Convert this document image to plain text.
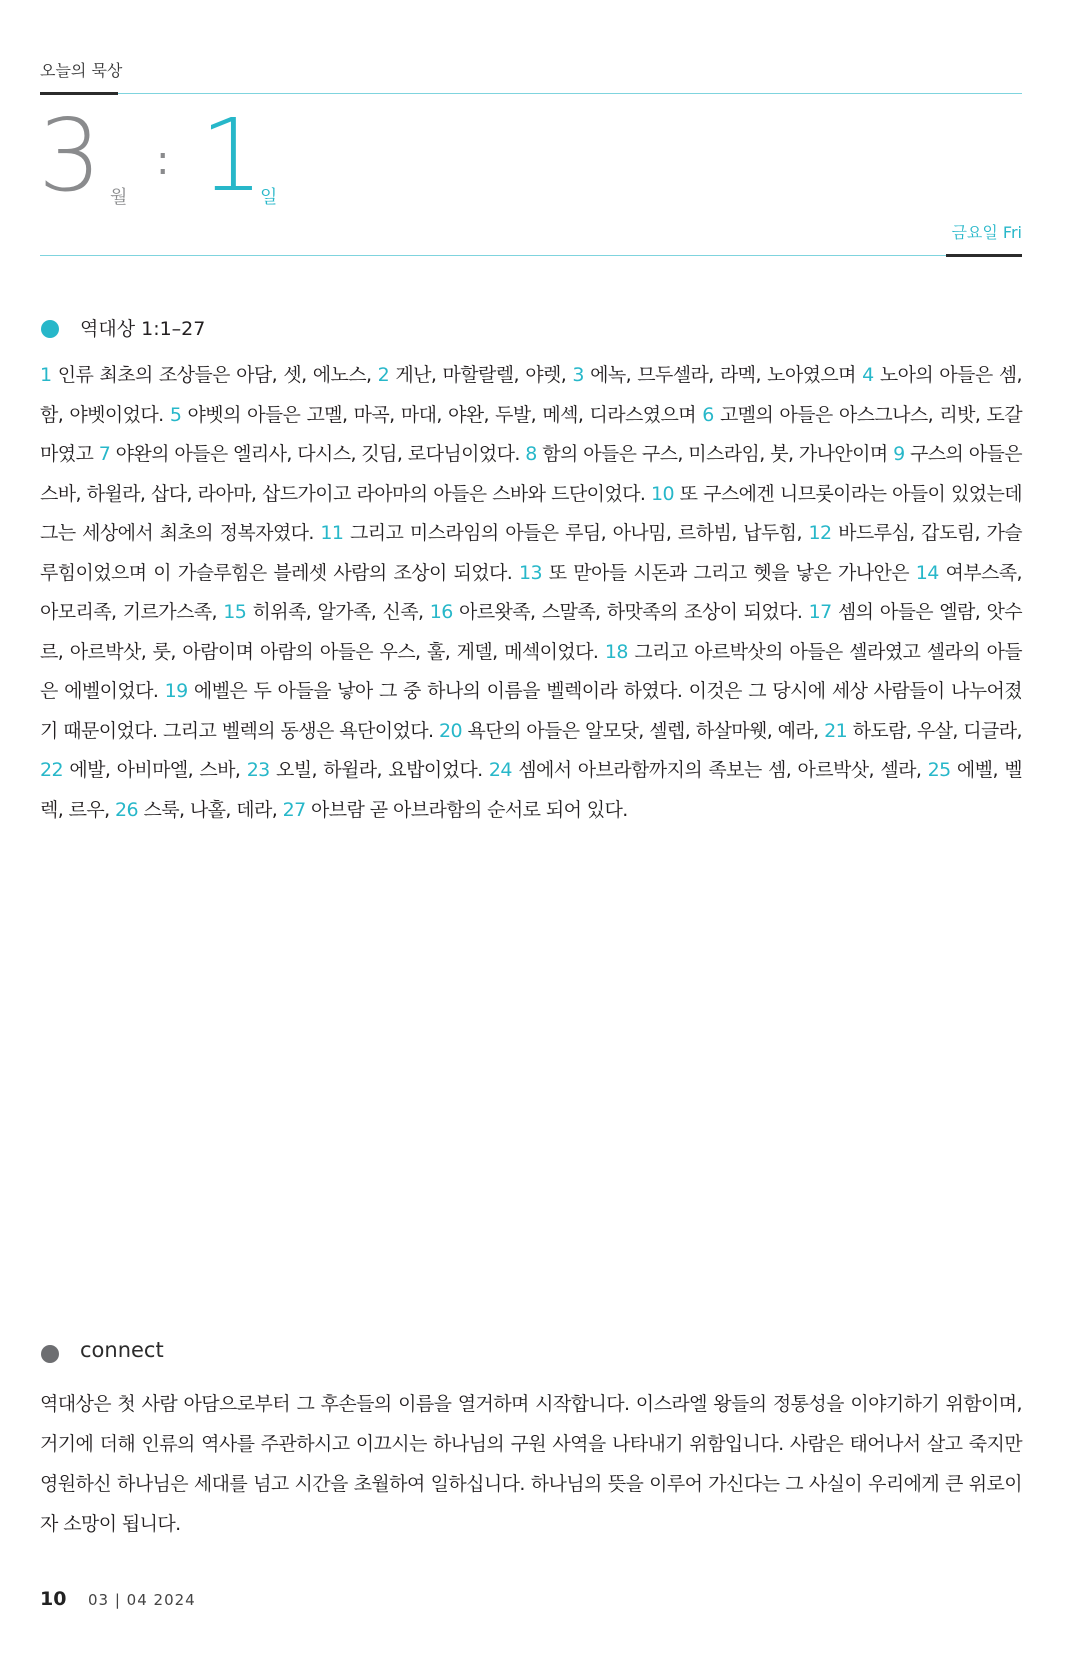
오늘의 묵상
3 월
: 1
일
금요일 Fri
역대상 1:1–27
1 인류 최초의 조상들은 아담, 셋, 에노스, 2 게난, 마할랄렐, 야렛, 3 에녹, 므두셀라, 라멕, 노아였으며 4 노아의 아들은 셈, 함, 야벳이었다. 5 야벳의 아들은 고멜, 마곡, 마대, 야완, 두발, 메섹, 디라스였으며 6 고멜의 아들은 아스그나스, 리밧, 도갈마였고 7 야완의 아들은 엘리사, 다시스, 깃딤, 로다님이었다. 8 함의 아들은 구스, 미스라임, 붓, 가나안이며 9 구스의 아들은 스바, 하윌라, 삽다, 라아마, 삽드가이고 라아마의 아들은 스바와 드단이었다. 10 또 구스에겐 니므롯이라는 아들이 있었는데 그는 세상에서 최초의 정복자였다. 11 그리고 미스라임의 아들은 루딤, 아나밈, 르하빔, 납두힘, 12 바드루심, 갑도림, 가슬루힘이었으며 이 가슬루힘은 블레셋 사람의 조상이 되었다. 13 또 맏아들 시돈과 그리고 헷을 낳은 가나안은 14 여부스족, 아모리족, 기르가스족, 15 히위족, 알가족, 신족, 16 아르왓족, 스말족, 하맛족의 조상이 되었다. 17 셈의 아들은 엘람, 앗수르, 아르박삿, 룻, 아람이며 아람의 아들은 우스, 훌, 게델, 메섹이었다. 18 그리고 아르박삿의 아들은 셀라였고 셀라의 아들은 에벨이었다. 19 에벨은 두 아들을 낳아 그 중 하나의 이름을 벨렉이라 하였다. 이것은 그 당시에 세상 사람들이 나누어졌기 때문이었다. 그리고 벨렉의 동생은 욕단이었다. 20 욕단의 아들은 알모닷, 셀렙, 하살마웻, 예라, 21 하도람, 우살, 디글라, 22 에발, 아비마엘, 스바, 23 오빌, 하윌라, 요밥이었다. 24 셈에서 아브라함까지의 족보는 셈, 아르박삿, 셀라, 25 에벨, 벨렉, 르우, 26 스룩, 나홀, 데라, 27 아브람 곧 아브라함의 순서로 되어 있다.
connect
역대상은 첫 사람 아담으로부터 그 후손들의 이름을 열거하며 시작합니다. 이스라엘 왕들의 정통성을 이야기하기 위함이며, 거기에 더해 인류의 역사를 주관하시고 이끄시는 하나님의 구원 사역을 나타내기 위함입니다. 사람은 태어나서 살고 죽지만 영원하신 하나님은 세대를 넘고 시간을 초월하여 일하십니다. 하나님의 뜻을 이루어 가신다는 그 사실이 우리에게 큰 위로이자 소망이 됩니다.
10 03 | 04 2024
